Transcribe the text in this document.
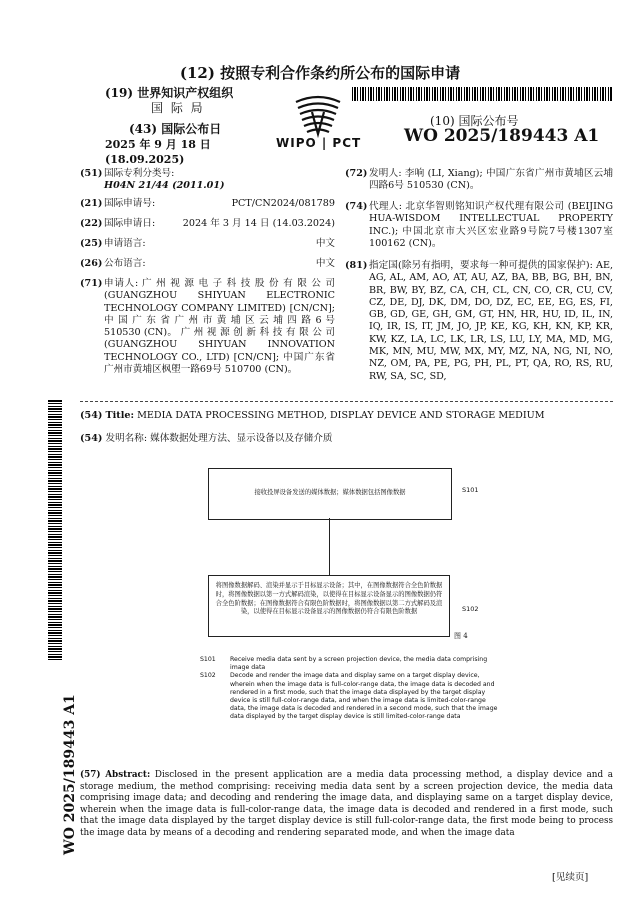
(12) 按照专利合作条约所公布的国际申请
(19) 世界知识产权组织
国 际 局
(43) 国际公布日
2025 年 9 月 18 日 (18.09.2025)
WIPO | PCT
(10) 国际公布号
WO 2025/189443 A1
(51) 国际专利分类号:
H04N 21/44 (2011.01)
(21) 国际申请号:	PCT/CN2024/081789
(22) 国际申请日:	2024 年 3 月 14 日 (14.03.2024)
(25) 申请语言:	中文
(26) 公布语言:	中文
(71) 申请人: 广 州 视 源 电 子 科 技 股 份 有 限 公 司 (GUANGZHOU SHIYUAN ELECTRONIC TECHNOLOGY COMPANY LIMITED) [CN/CN]; 中 国 广 东 省 广 州 市 黄 埔 区 云 埔 四 路 6 号 510530 (CN)。 广 州 视 源 创 新 科 技 有 限 公 司 (GUANGZHOU SHIYUAN INNOVATION TECHNOLOGY CO., LTD) [CN/CN]; 中国广东省广州市黄埔区枫塱一路69号 510700 (CN)。
(72) 发明人: 李响 (LI, Xiang); 中国广东省广州市黄埔区云埔四路6号 510530 (CN)。
(74) 代理人: 北京华智则铭知识产权代理有限公司 (BEIJING HUA-WISDOM INTELLECTUAL PROPERTY INC.); 中国北京市大兴区宏业路9号院7号楼1307室 100162 (CN)。
(81) 指定国(除另有指明，要求每一种可提供的国家保护): AE, AG, AL, AM, AO, AT, AU, AZ, BA, BB, BG, BH, BN, BR, BW, BY, BZ, CA, CH, CL, CN, CO, CR, CU, CV, CZ, DE, DJ, DK, DM, DO, DZ, EC, EE, EG, ES, FI, GB, GD, GE, GH, GM, GT, HN, HR, HU, ID, IL, IN, IQ, IR, IS, IT, JM, JO, JP, KE, KG, KH, KN, KP, KR, KW, KZ, LA, LC, LK, LR, LS, LU, LY, MA, MD, MG, MK, MN, MU, MW, MX, MY, MZ, NA, NG, NI, NO, NZ, OM, PA, PE, PG, PH, PL, PT, QA, RO, RS, RU, RW, SA, SC, SD,
WO 2025/189443 A1
(54) Title: MEDIA DATA PROCESSING METHOD, DISPLAY DEVICE AND STORAGE MEDIUM
(54) 发明名称: 媒体数据处理方法、显示设备以及存储介质
接收投屏设备发送的媒体数据；媒体数据包括图像数据	S101
将图像数据解码、渲染并显示于目标显示设备；其中，在图像数据符合全色阶数据时，将图像数据以第一方式解码渲染，以使得在目标显示设备显示的图像数据仍符合全色阶数据；在图像数据符合有限色阶数据时，将图像数据以第二方式解码及渲染，以使得在目标显示设备显示的图像数据仍符合有限色阶数据	S102
图 4
S101	Receive media data sent by a screen projection device, the media data comprising image data
S102	Decode and render the image data and display same on a target display device, wherein when the image data is full-color-range data, the image data is decoded and rendered in a first mode, such that the image data displayed by the target display device is still full-color-range data, and when the image data is limited-color-range data, the image data is decoded and rendered in a second mode, such that the image data displayed by the target display device is still limited-color-range data
(57) Abstract: Disclosed in the present application are a media data processing method, a display device and a storage medium, the method comprising: receiving media data sent by a screen projection device, the media data comprising image data; and decoding and rendering the image data, and displaying same on a target display device, wherein when the image data is full-color-range data, the image data is decoded and rendered in a first mode, such that the image data displayed by the target display device is still full-color-range data, the first mode being to process the image data by means of a decoding and rendering separated mode, and when the image data
[见续页]
